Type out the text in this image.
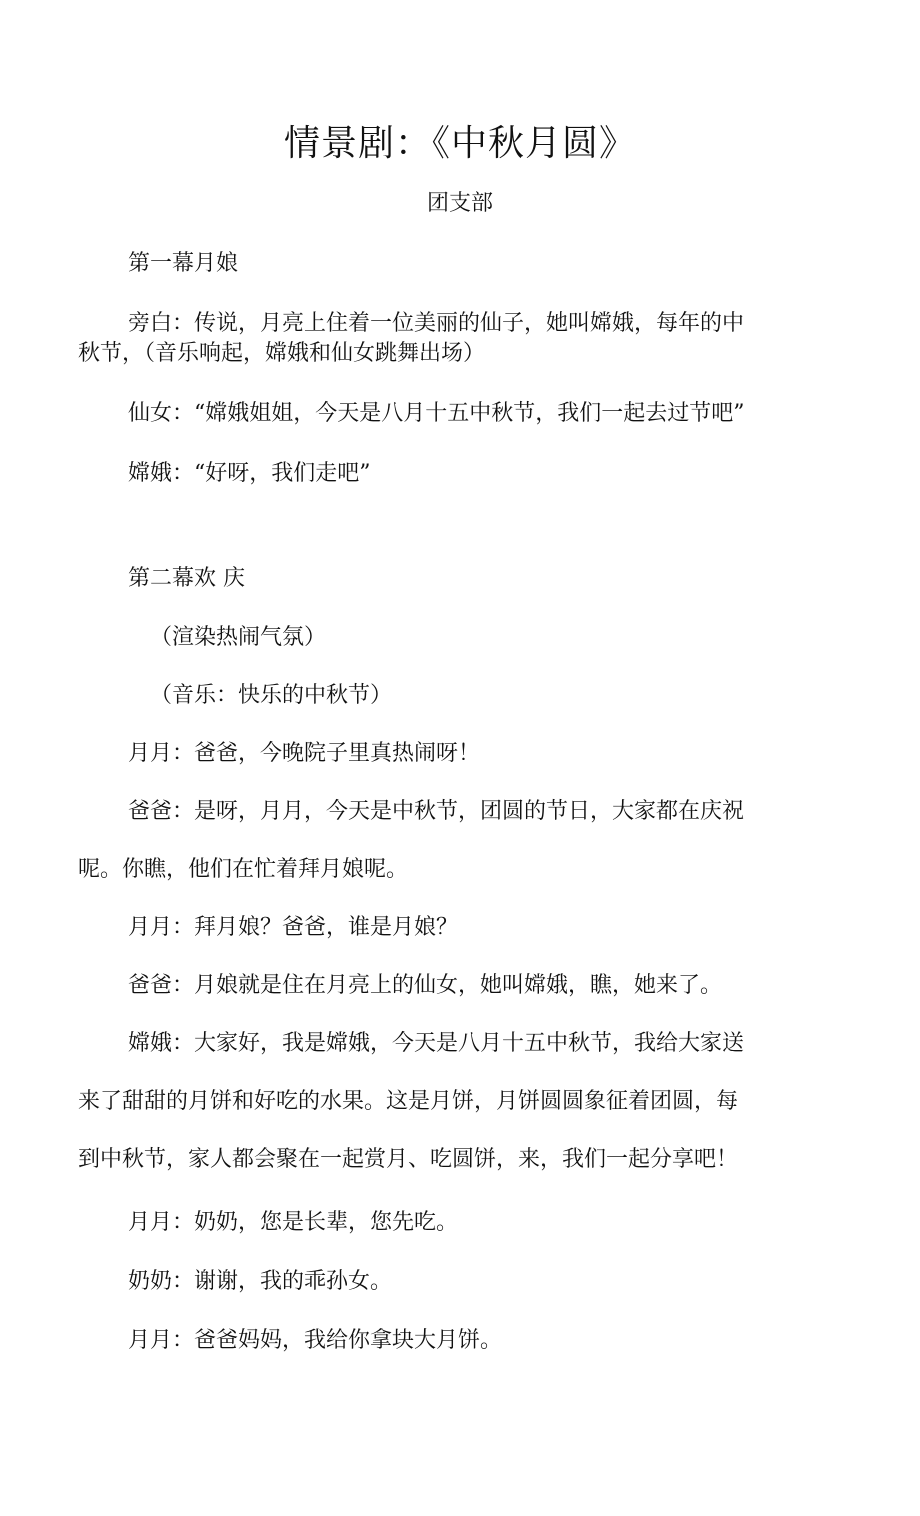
情景剧：《中秋月圆》
团支部
第一幕月娘
旁白：传说，月亮上住着一位美丽的仙子，她叫嫦娥，每年的中
秋节，（音乐响起，嫦娥和仙女跳舞出场）
仙女：“嫦娥姐姐，今天是八月十五中秋节，我们一起去过节吧”
嫦娥：“好呀，我们走吧”
第二幕欢 庆
（渲染热闹气氛）
（音乐：快乐的中秋节）
月月：爸爸，今晚院子里真热闹呀！
爸爸：是呀，月月，今天是中秋节，团圆的节日，大家都在庆祝
呢。你瞧，他们在忙着拜月娘呢。
月月：拜月娘？爸爸，谁是月娘？
爸爸：月娘就是住在月亮上的仙女，她叫嫦娥，瞧，她来了。
嫦娥：大家好，我是嫦娥，今天是八月十五中秋节，我给大家送
来了甜甜的月饼和好吃的水果。这是月饼，月饼圆圆象征着团圆，每
到中秋节，家人都会聚在一起赏月、吃圆饼，来，我们一起分享吧！
月月：奶奶，您是长辈，您先吃。
奶奶：谢谢，我的乖孙女。
月月：爸爸妈妈，我给你拿块大月饼。
